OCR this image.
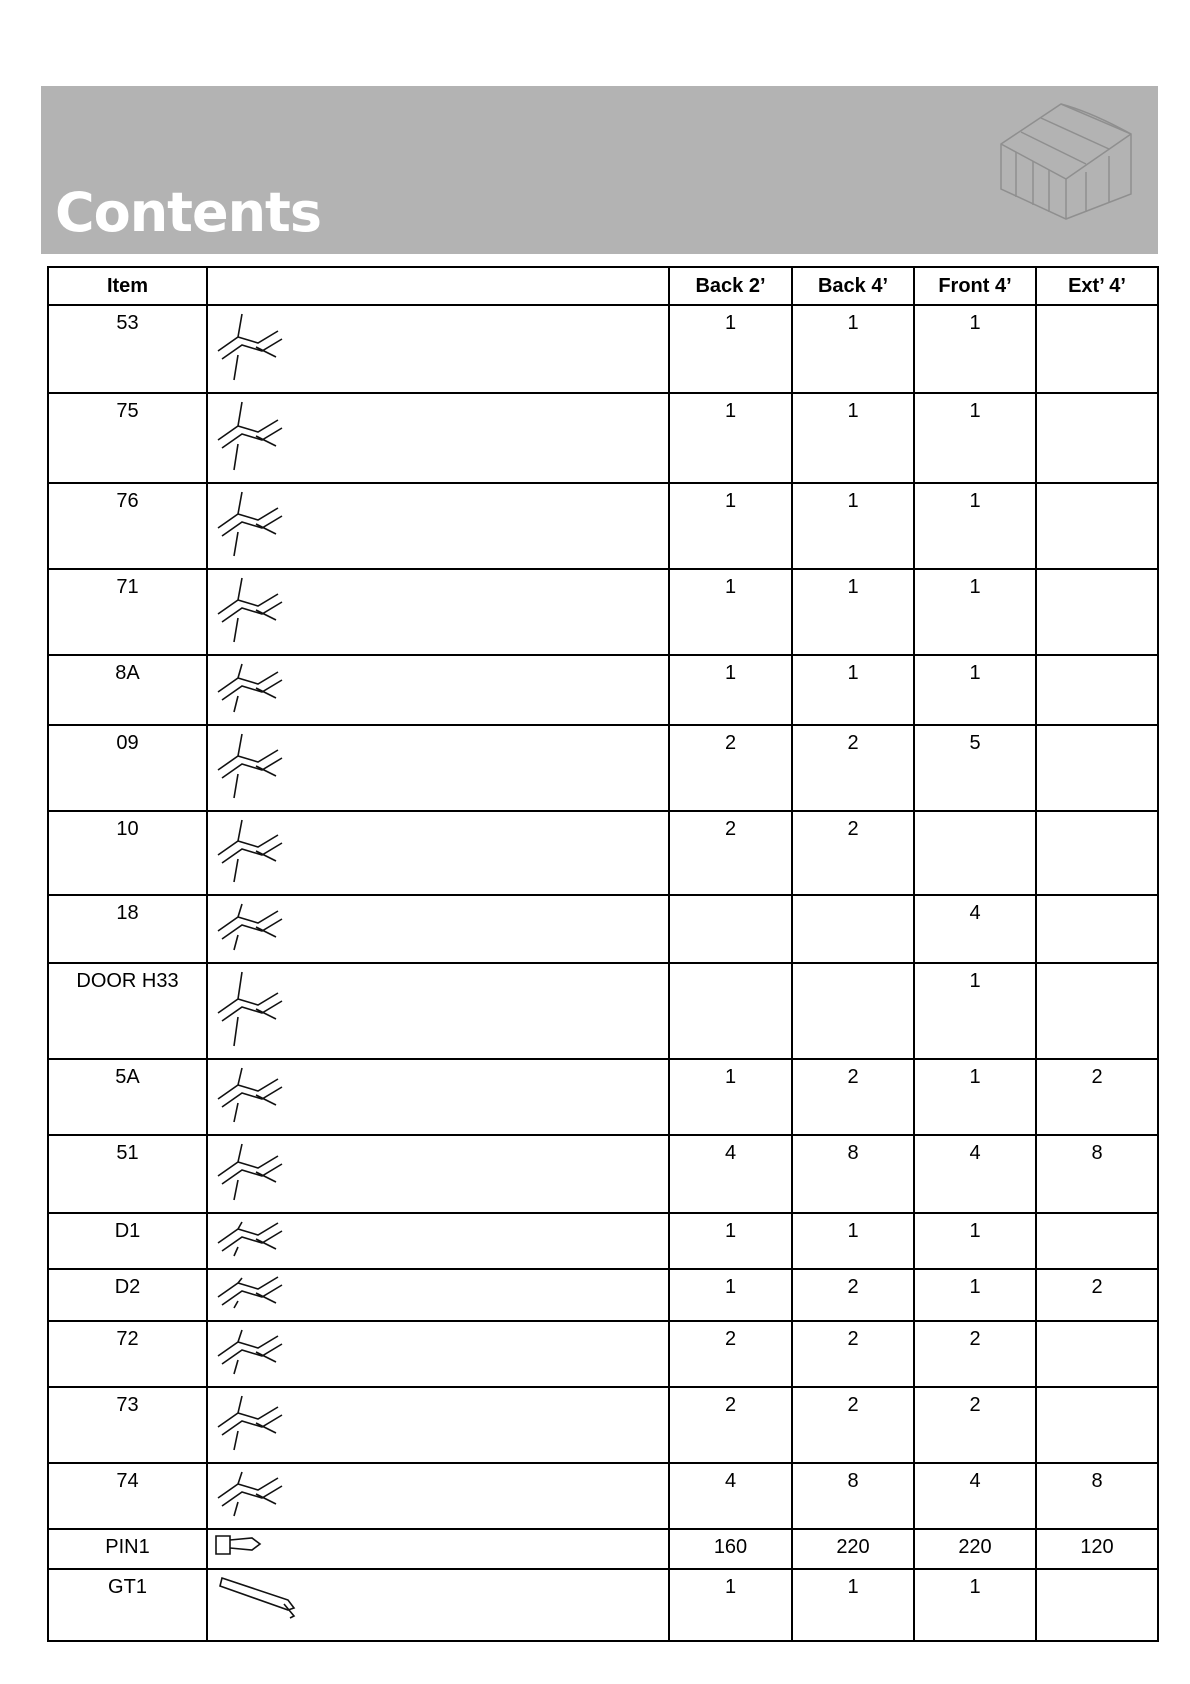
Contents
Item		Back 2’	Back 4’	Front 4’	Ext’ 4’
53		1	1	1	
75		1	1	1	
76		1	1	1	
71		1	1	1	
8A		1	1	1	
09		2	2	5	
10		2	2		
18				4	
DOOR H33				1	
5A		1	2	1	2
51		4	8	4	8
D1		1	1	1	
D2		1	2	1	2
72		2	2	2	
73		2	2	2	
74		4	8	4	8
PIN1		160	220	220	120
GT1		1	1	1	
